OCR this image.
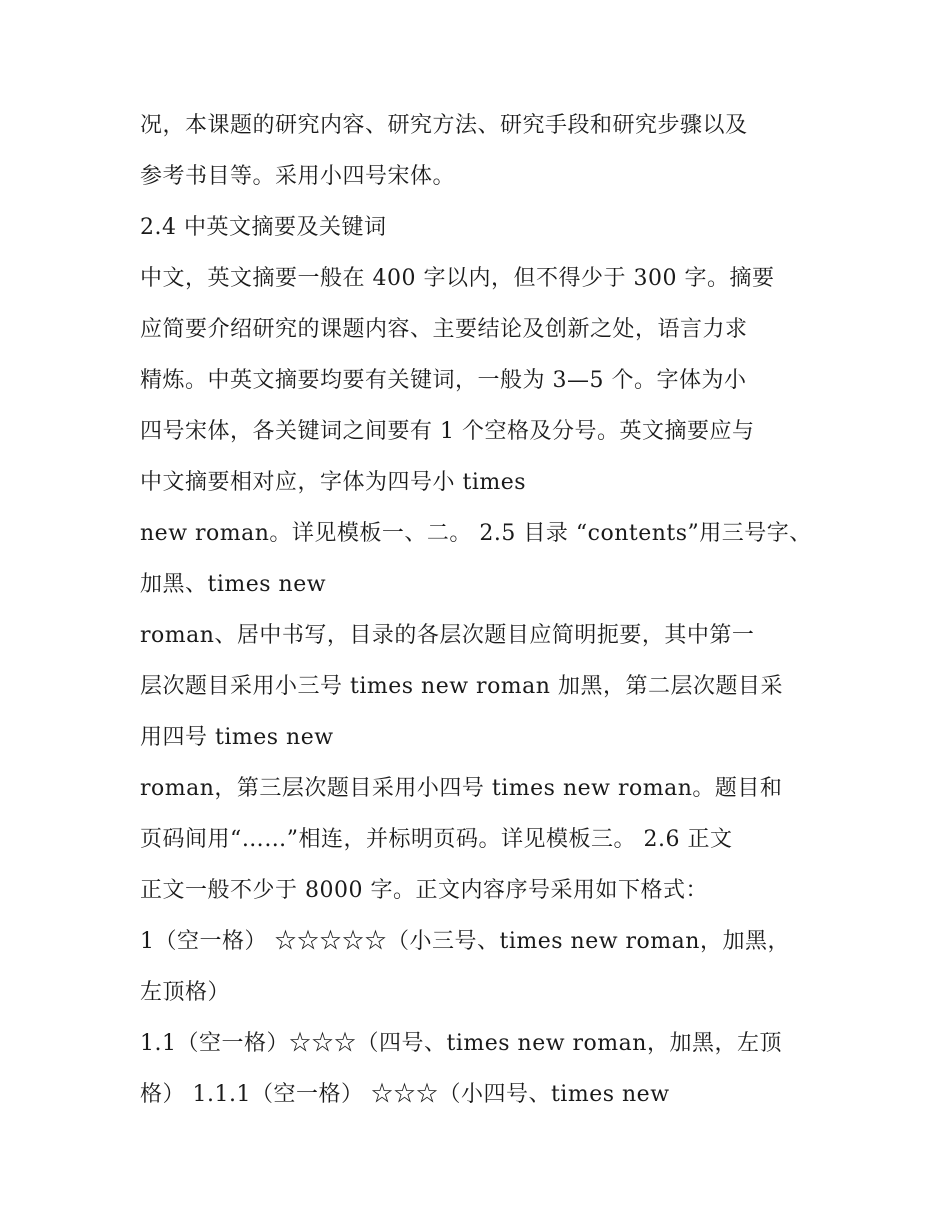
况，本课题的研究内容、研究方法、研究手段和研究步骤以及
参考书目等。采用小四号宋体。
2.4 中英文摘要及关键词
中文，英文摘要一般在 400 字以内，但不得少于 300 字。摘要
应简要介绍研究的课题内容、主要结论及创新之处，语言力求
精炼。中英文摘要均要有关键词，一般为 3—5 个。字体为小
四号宋体，各关键词之间要有 1 个空格及分号。英文摘要应与
中文摘要相对应，字体为四号小 times
new roman。详见模板一、二。 2.5 目录 “contents”用三号字、
加黑、times new
roman、居中书写，目录的各层次题目应简明扼要，其中第一
层次题目采用小三号 times new roman 加黑，第二层次题目采
用四号 times new
roman，第三层次题目采用小四号 times new roman。题目和
页码间用“……”相连，并标明页码。详见模板三。 2.6 正文
正文一般不少于 8000 字。正文内容序号采用如下格式：
1（空一格） ☆☆☆☆☆（小三号、times new roman，加黑，
左顶格）
1.1（空一格）☆☆☆（四号、times new roman，加黑，左顶
格） 1.1.1（空一格） ☆☆☆（小四号、times new
